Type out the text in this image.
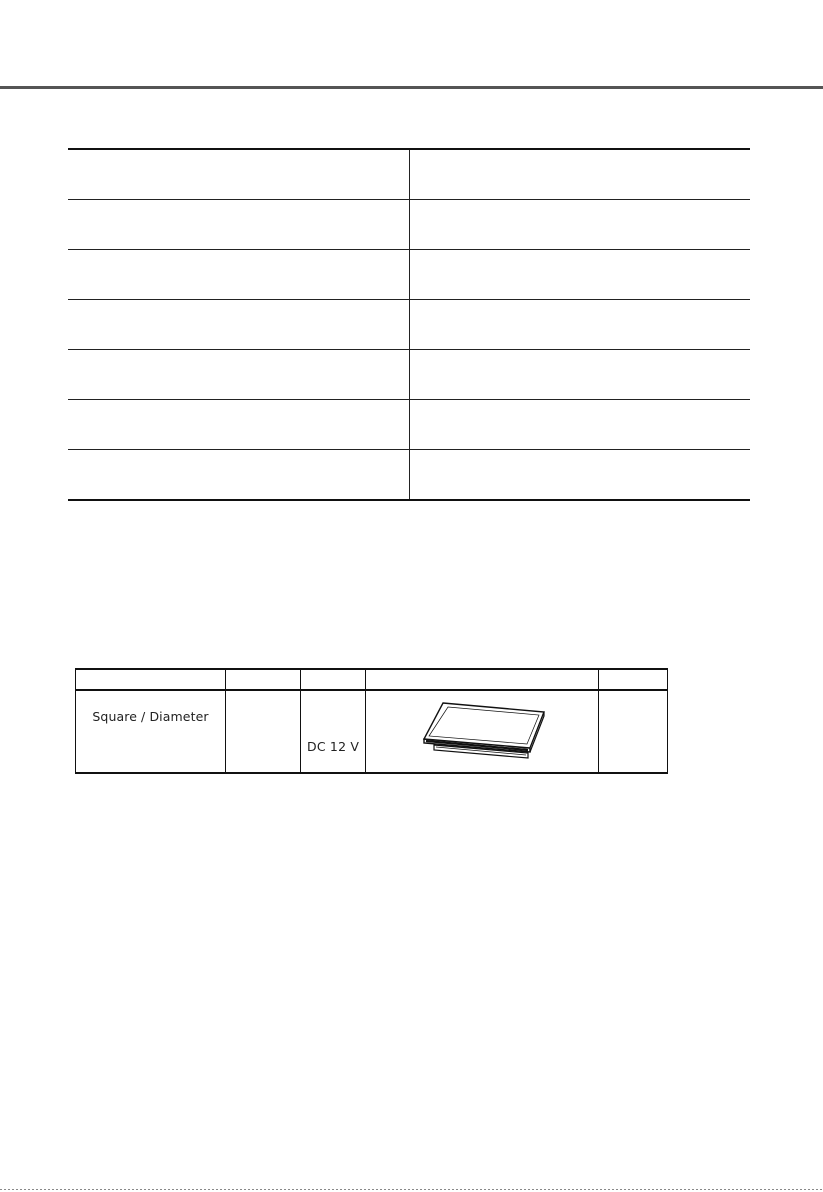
Square / Diameter		DC 12 V		
